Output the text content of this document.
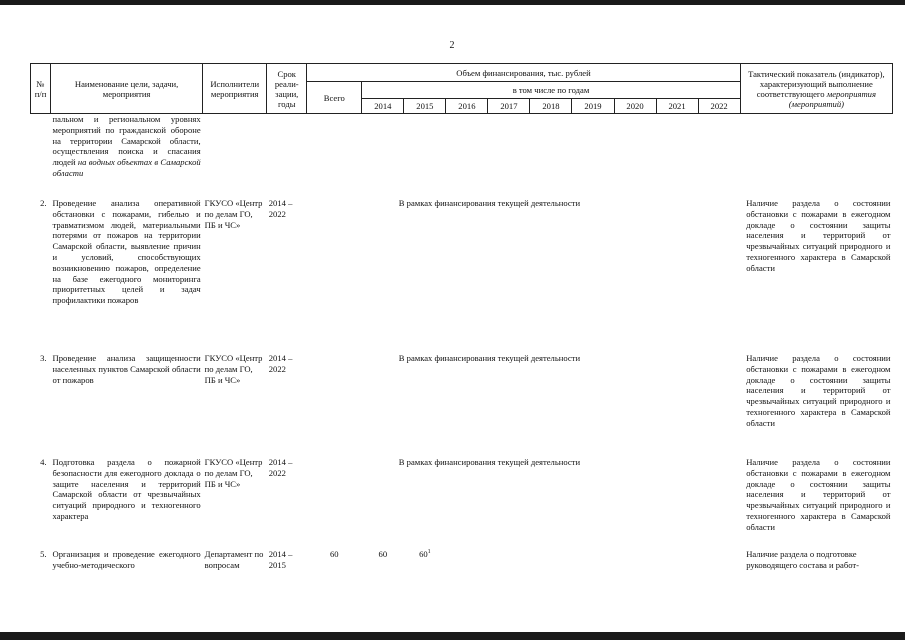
2
№ п/п	Наименование цели, задачи, мероприятия	Исполнители мероприятия	Срок реали-зации, годы	Объем финансирования, тыс. рублей										Тактический показатель (индикатор), характеризующий выполнение соответствующего мероприятия (мероприятий)
				Всего	в том числе по годам									
					2014	2015	2016	2017	2018	2019	2020	2021	2022	
	пальном и региональном уровнях мероприятий по гражданской обороне на территории Самарской области, осуществления поиска и спасания людей на водных объектах в Самарской области													
2.	Проведение анализа оперативной обстановки с пожарами, гибелью и травматизмом людей, материальными потерями от пожаров на территории Самарской области, выявление причин и условий, способствующих возникновению пожаров, определение на базе ежегодного мониторинга приоритетных целей и задач профилактики пожаров	ГКУСО «Центр по делам ГО, ПБ и ЧС»	2014 – 2022	В рамках финансирования текущей деятельности										Наличие раздела о состоянии обстановки с пожарами в ежегодном докладе о состоянии защиты населения и территорий от чрезвычайных ситуаций природного и техногенного характера в Самарской области
3.	Проведение анализа защищенности населенных пунктов Самарской области от пожаров	ГКУСО «Центр по делам ГО, ПБ и ЧС»	2014 – 2022	В рамках финансирования текущей деятельности										Наличие раздела о состоянии обстановки с пожарами в ежегодном докладе о состоянии защиты населения и территорий от чрезвычайных ситуаций природного и техногенного характера в Самарской области
4.	Подготовка раздела о пожарной безопасности для ежегодного доклада о защите населения и территорий Самарской области от чрезвычайных ситуаций природного и техногенного характера	ГКУСО «Центр по делам ГО, ПБ и ЧС»	2014 – 2022	В рамках финансирования текущей деятельности										Наличие раздела о состоянии обстановки с пожарами в ежегодном докладе о состоянии защиты населения и территорий от чрезвычайных ситуаций природного и техногенного характера в Самарской области
5.	Организация и проведение ежегодного учебно-методического	Департамент по вопросам	2014 – 2015	60	60	$60^1$								Наличие раздела о подготовке руководящего состава и работ-
